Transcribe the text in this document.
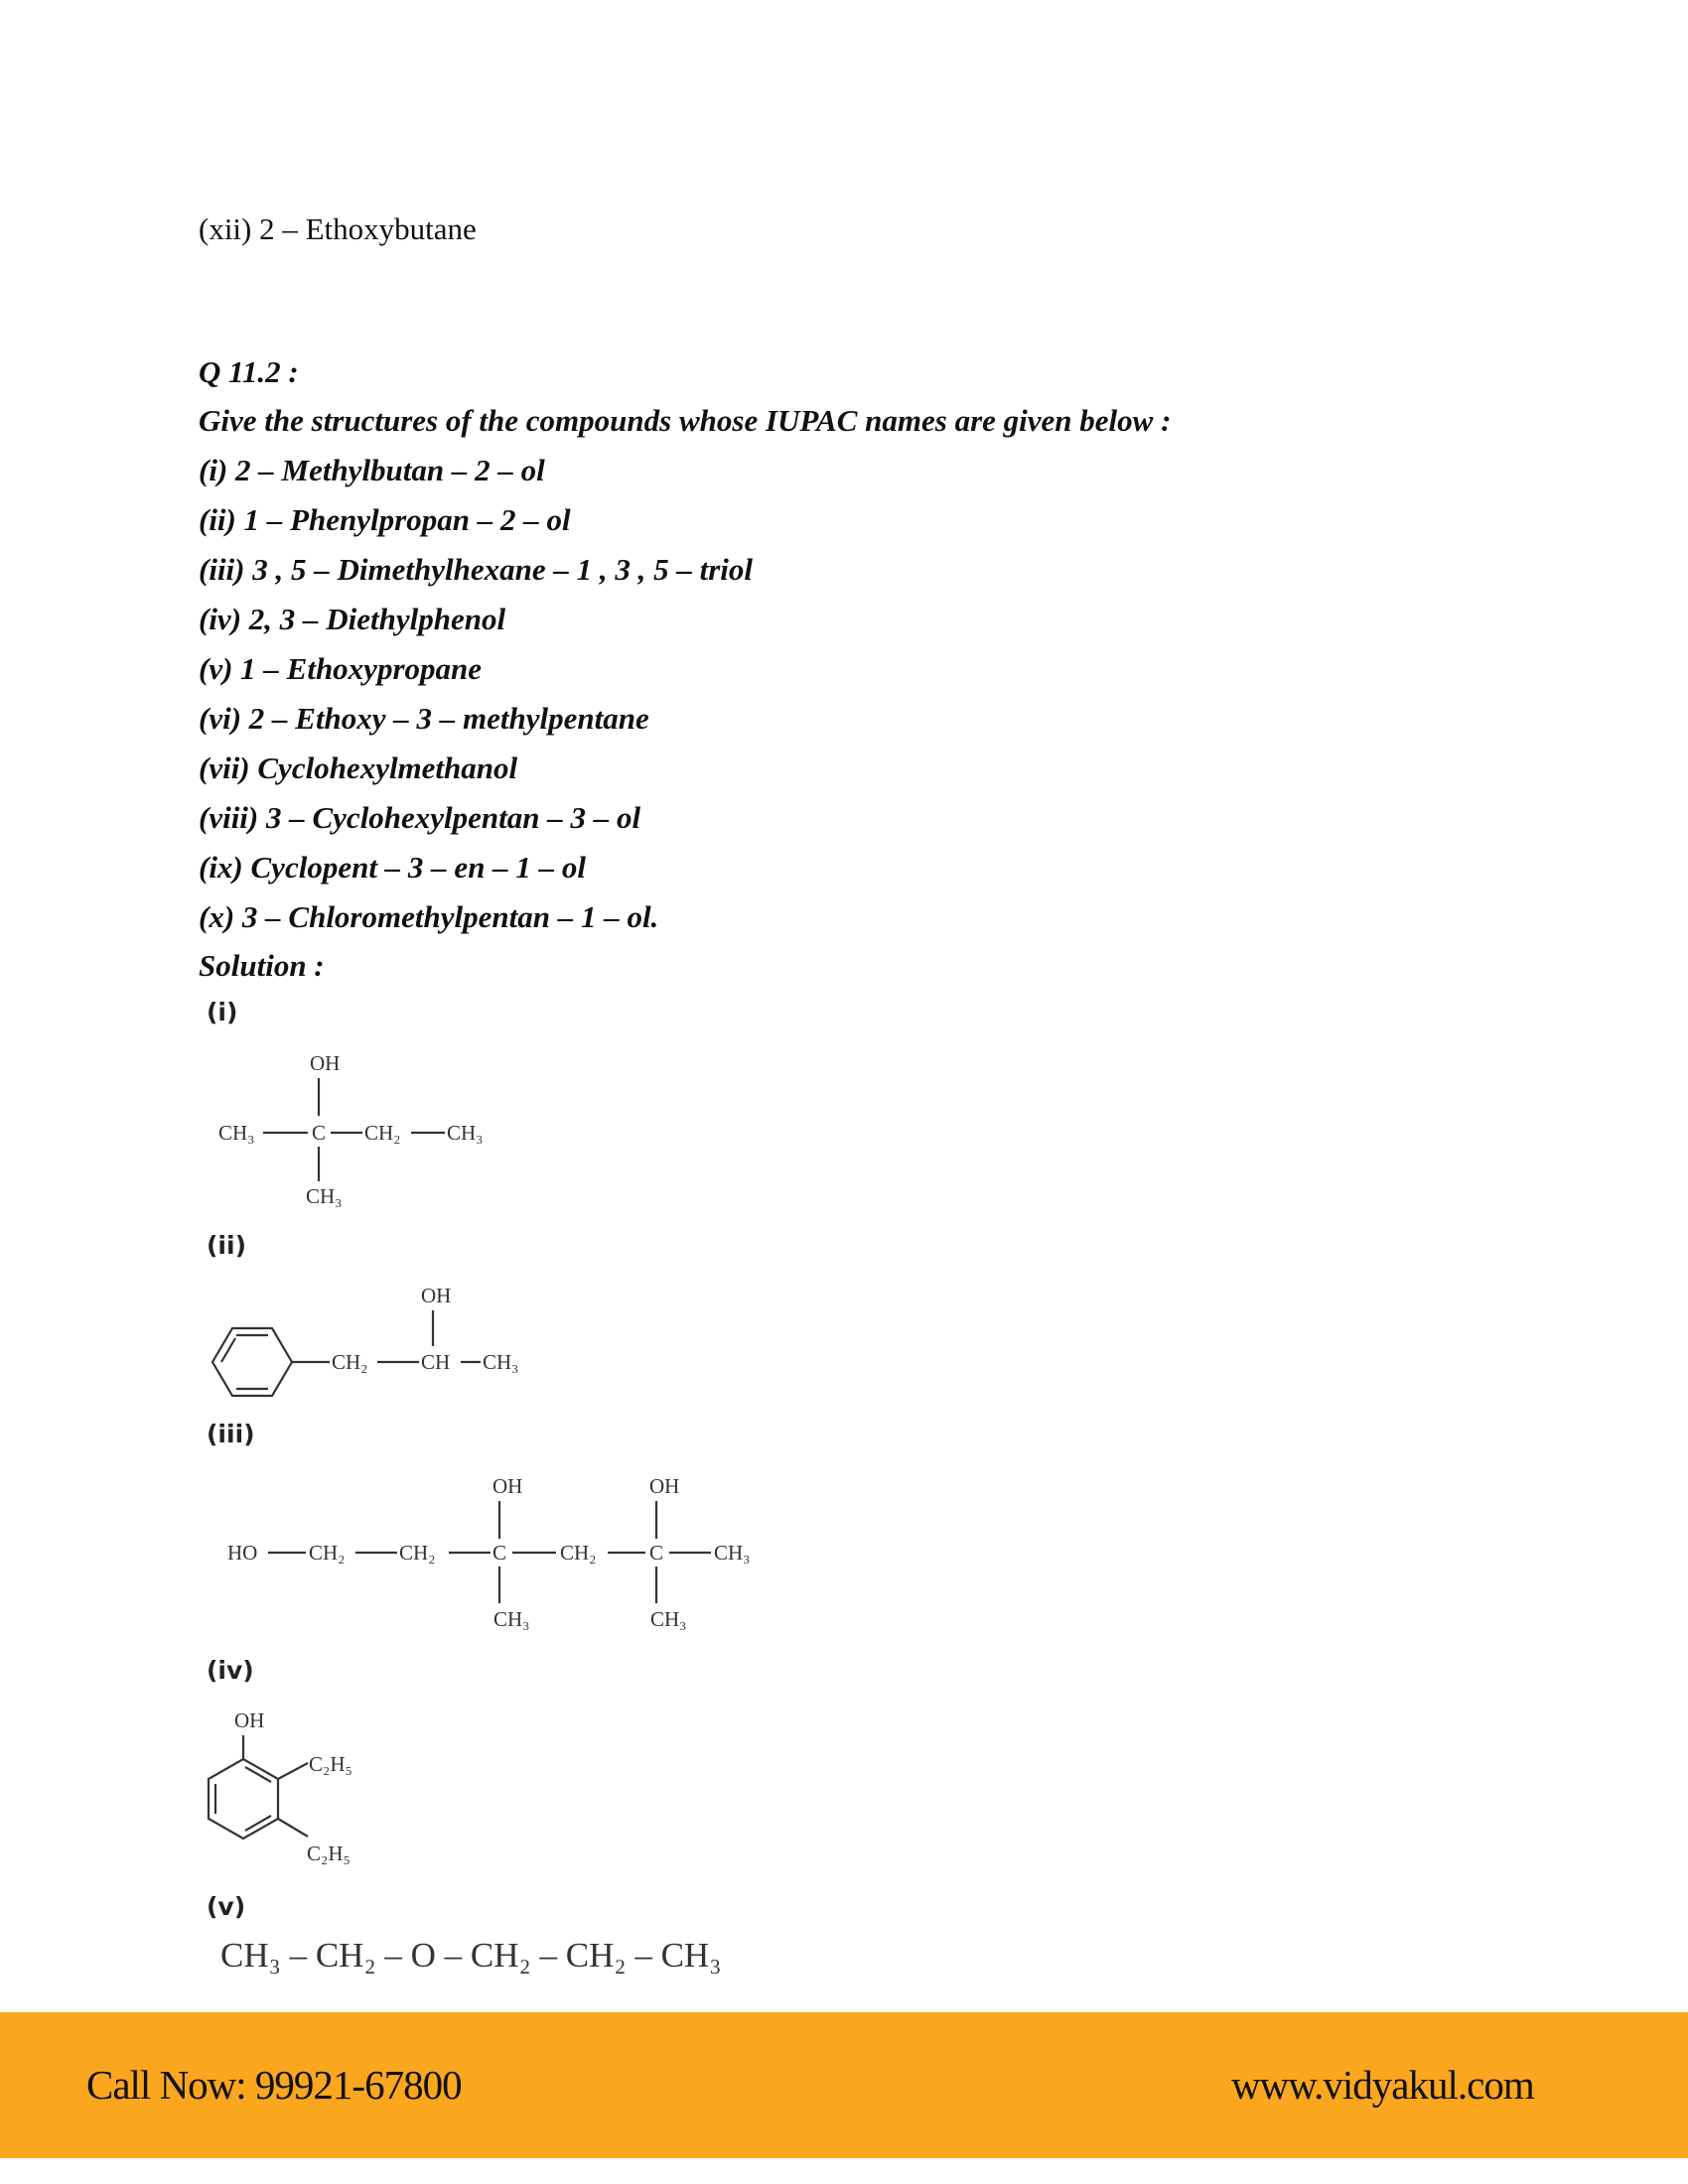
(xii) 2 – Ethoxybutane
Q 11.2 :
Give the structures of the compounds whose IUPAC names are given below :
(i) 2 – Methylbutan – 2 – ol
(ii) 1 – Phenylpropan – 2 – ol
(iii) 3 , 5 – Dimethylhexane – 1 , 3 , 5 – triol
(iv) 2, 3 – Diethylphenol
(v) 1 – Ethoxypropane
(vi) 2 – Ethoxy – 3 – methylpentane
(vii) Cyclohexylmethanol
(viii) 3 – Cyclohexylpentan – 3 – ol
(ix) Cyclopent – 3 – en – 1 – ol
(x) 3 – Chloromethylpentan – 1 – ol.
Solution :
(i)
(ii)
(iii)
(iv)
(v)
OH
CH₃	C CH₂ CH₃
CH₃
CH₂	CH CH₃
OH
OH	OH
HO CH₂	CH₂	C	CH₂	C CH₃
CH₃	CH₃
OH
C₂H₅
C₂H₅
CH₃ – CH₂ – O – CH₂ – CH₂ – CH₃
Call Now: 99921-67800	www.vidyakul.com
